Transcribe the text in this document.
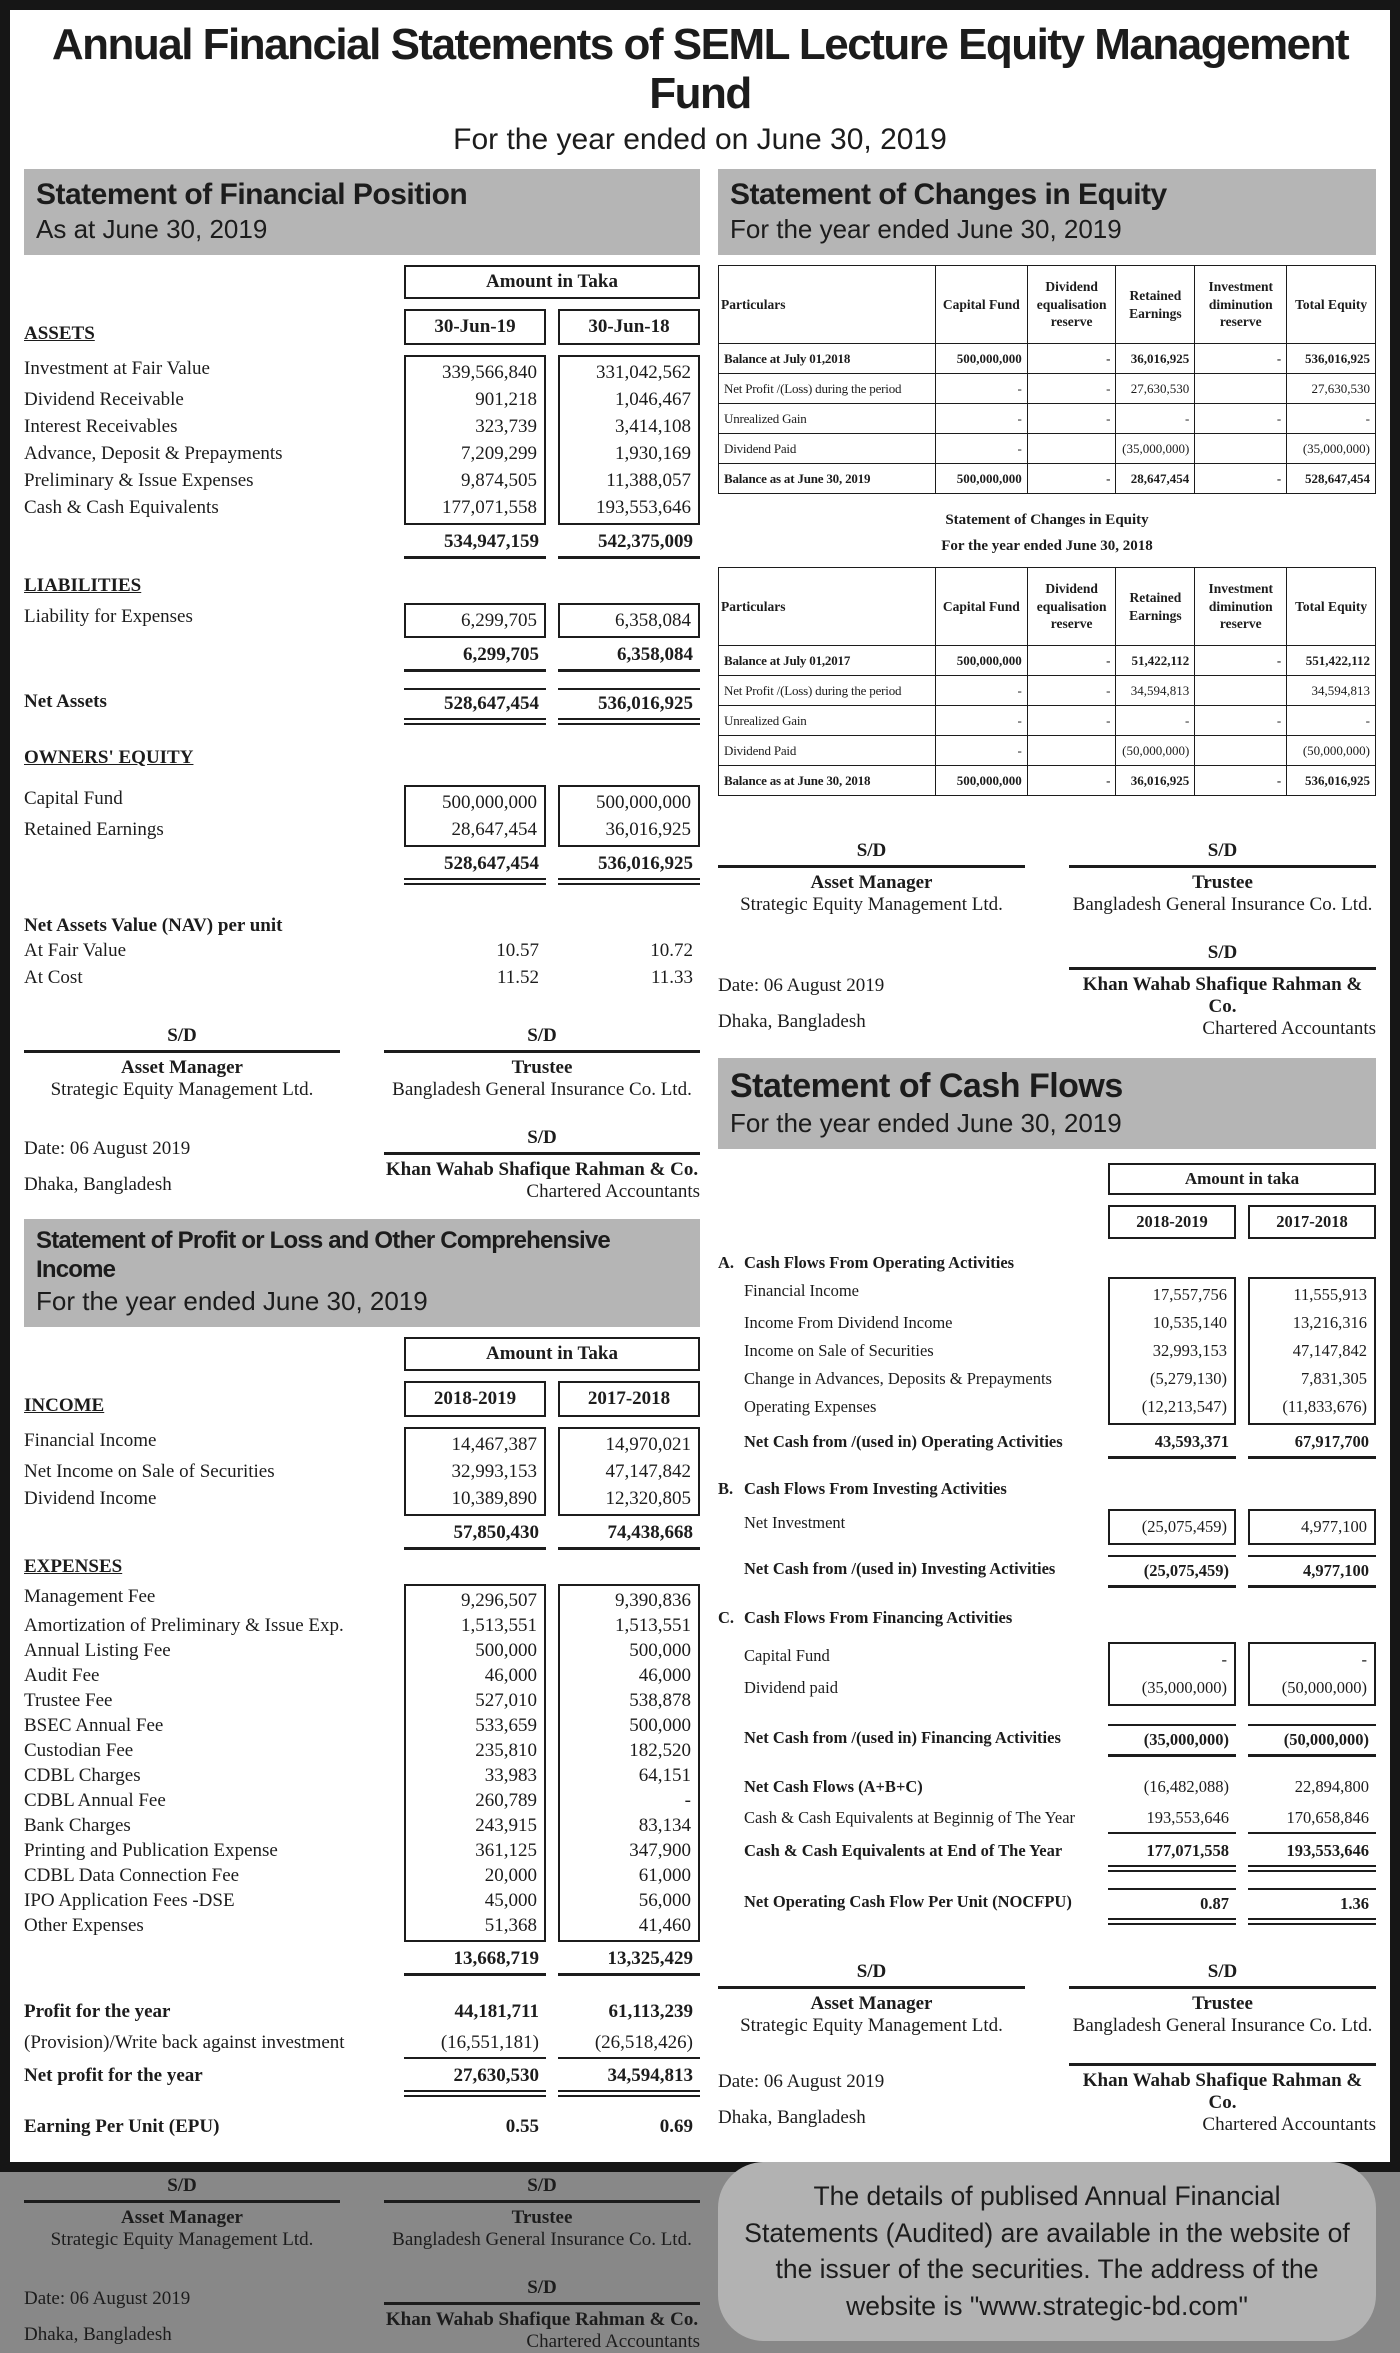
Annual Financial Statements of SEML Lecture Equity Management Fund
For the year ended on June 30, 2019
Statement of Financial Position
As at June 30, 2019
Amount in Taka
ASSETS	30-Jun-19	30-Jun-18
Investment at Fair Value	339,566,840	331,042,562
Dividend Receivable	901,218	1,046,467
Interest Receivables	323,739	3,414,108
Advance, Deposit & Prepayments	7,209,299	1,930,169
Preliminary & Issue Expenses	9,874,505	11,388,057
Cash & Cash Equivalents	177,071,558	193,553,646
534,947,159	542,375,009
LIABILITIES
Liability for Expenses	6,299,705	6,358,084
6,299,705	6,358,084
Net Assets	528,647,454	536,016,925
OWNERS' EQUITY
Capital Fund	500,000,000	500,000,000
Retained Earnings	28,647,454	36,016,925
528,647,454	536,016,925
Net Assets Value (NAV) per unit
At Fair Value	10.57	10.72
At Cost	11.52	11.33
S/D
Asset Manager
Strategic Equity Management Ltd.
S/D
Trustee
Bangladesh General Insurance Co. Ltd.
Date: 06 August 2019
Dhaka, Bangladesh
S/D
Khan Wahab Shafique Rahman & Co.
Chartered Accountants
Statement of Profit or Loss and Other Comprehensive Income
For the year ended June 30, 2019
Amount in Taka
INCOME	2018-2019	2017-2018
Financial Income	14,467,387	14,970,021
Net Income on Sale of Securities	32,993,153	47,147,842
Dividend Income	10,389,890	12,320,805
57,850,430	74,438,668
EXPENSES
Management Fee	9,296,507	9,390,836
Amortization of Preliminary & Issue Exp.	1,513,551	1,513,551
Annual Listing Fee	500,000	500,000
Audit Fee	46,000	46,000
Trustee Fee	527,010	538,878
BSEC Annual Fee	533,659	500,000
Custodian Fee	235,810	182,520
CDBL Charges	33,983	64,151
CDBL Annual Fee	260,789	-
Bank Charges	243,915	83,134
Printing and Publication Expense	361,125	347,900
CDBL Data Connection Fee	20,000	61,000
IPO Application Fees -DSE	45,000	56,000
Other Expenses	51,368	41,460
13,668,719	13,325,429
Profit for the year	44,181,711	61,113,239
(Provision)/Write back against investment	(16,551,181)	(26,518,426)
Net profit for the year	27,630,530	34,594,813
Earning Per Unit (EPU)	0.55	0.69
S/D
Asset Manager
Strategic Equity Management Ltd.
S/D
Trustee
Bangladesh General Insurance Co. Ltd.
Date: 06 August 2019
Dhaka, Bangladesh
S/D
Khan Wahab Shafique Rahman & Co.
Chartered Accountants
Statement of Changes in Equity
For the year ended June 30, 2019
Particulars	Capital Fund	Dividend equalisation reserve	Retained Earnings	Investment diminution reserve	Total Equity
Balance at July 01,2018	500,000,000	-	36,016,925	-	536,016,925
Net Profit /(Loss) during the period	-	-	27,630,530		27,630,530
Unrealized Gain	-	-	-	-	-
Dividend Paid	-		(35,000,000)		(35,000,000)
Balance as at June 30, 2019	500,000,000	-	28,647,454	-	528,647,454
Statement of Changes in Equity
For the year ended June 30, 2018
Particulars	Capital Fund	Dividend equalisation reserve	Retained Earnings	Investment diminution reserve	Total Equity
Balance at July 01,2017	500,000,000	-	51,422,112	-	551,422,112
Net Profit /(Loss) during the period	-	-	34,594,813		34,594,813
Unrealized Gain	-	-	-	-	-
Dividend Paid	-		(50,000,000)		(50,000,000)
Balance as at June 30, 2018	500,000,000	-	36,016,925	-	536,016,925
S/D
Asset Manager
Strategic Equity Management Ltd.
S/D
Trustee
Bangladesh General Insurance Co. Ltd.
Date: 06 August 2019
Dhaka, Bangladesh
S/D
Khan Wahab Shafique Rahman & Co.
Chartered Accountants
Statement of Cash Flows
For the year ended June 30, 2019
Amount in taka
2018-2019	2017-2018
A. Cash Flows From Operating Activities
Financial Income	17,557,756	11,555,913
Income From Dividend Income	10,535,140	13,216,316
Income on Sale of Securities	32,993,153	47,147,842
Change in Advances, Deposits & Prepayments	(5,279,130)	7,831,305
Operating Expenses	(12,213,547)	(11,833,676)
Net Cash from /(used in) Operating Activities	43,593,371	67,917,700
B. Cash Flows From Investing Activities
Net Investment	(25,075,459)	4,977,100
Net Cash from /(used in) Investing Activities	(25,075,459)	4,977,100
C. Cash Flows From Financing Activities
Capital Fund	-	-
Dividend paid	(35,000,000)	(50,000,000)
Net Cash from /(used in) Financing Activities	(35,000,000)	(50,000,000)
Net Cash Flows (A+B+C)	(16,482,088)	22,894,800
Cash & Cash Equivalents at Beginnig of The Year	193,553,646	170,658,846
Cash & Cash Equivalents at End of The Year	177,071,558	193,553,646
Net Operating Cash Flow Per Unit (NOCFPU)	0.87	1.36
S/D
Asset Manager
Strategic Equity Management Ltd.
S/D
Trustee
Bangladesh General Insurance Co. Ltd.
Date: 06 August 2019
Dhaka, Bangladesh
Khan Wahab Shafique Rahman & Co.
Chartered Accountants
The details of publised Annual Financial Statements (Audited) are available in the website of the issuer of the securities. The address of the website is "www.strategic-bd.com"
